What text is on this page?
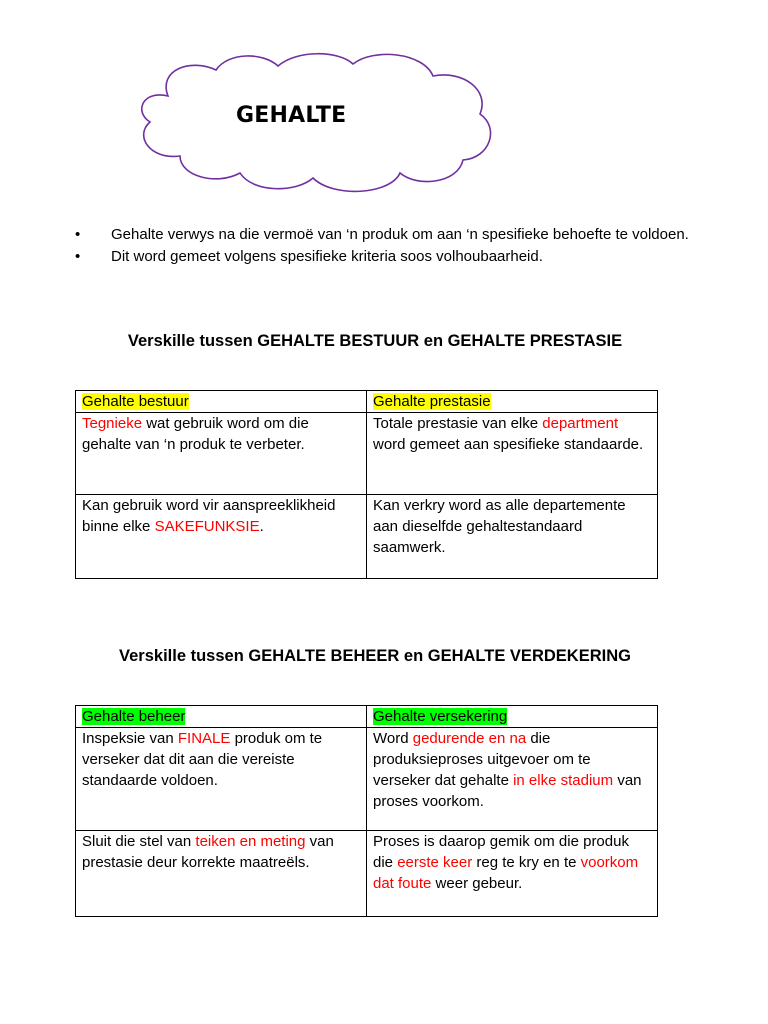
GEHALTE
• Gehalte verwys na die vermoë van ‘n produk om aan ‘n spesifieke behoefte te voldoen.
• Dit word gemeet volgens spesifieke kriteria soos volhoubaarheid.
Verskille tussen GEHALTE BESTUUR en GEHALTE PRESTASIE
Gehalte bestuur	Gehalte prestasie
Tegnieke wat gebruik word om die gehalte van ‘n produk te verbeter.	Totale prestasie van elke department word gemeet aan spesifieke standaarde.
Kan gebruik word vir aanspreeklikheid binne elke SAKEFUNKSIE.	Kan verkry word as alle departemente aan dieselfde gehaltestandaard saamwerk.
Verskille tussen GEHALTE BEHEER en GEHALTE VERDEKERING
Gehalte beheer	Gehalte versekering
Inspeksie van FINALE produk om te verseker dat dit aan die vereiste standaarde voldoen.	Word gedurende en na die produksieproses uitgevoer om te verseker dat gehalte in elke stadium van proses voorkom.
Sluit die stel van teiken en meting van prestasie deur korrekte maatreëls.	Proses is daarop gemik om die produk die eerste keer reg te kry en te voorkom dat foute weer gebeur.
